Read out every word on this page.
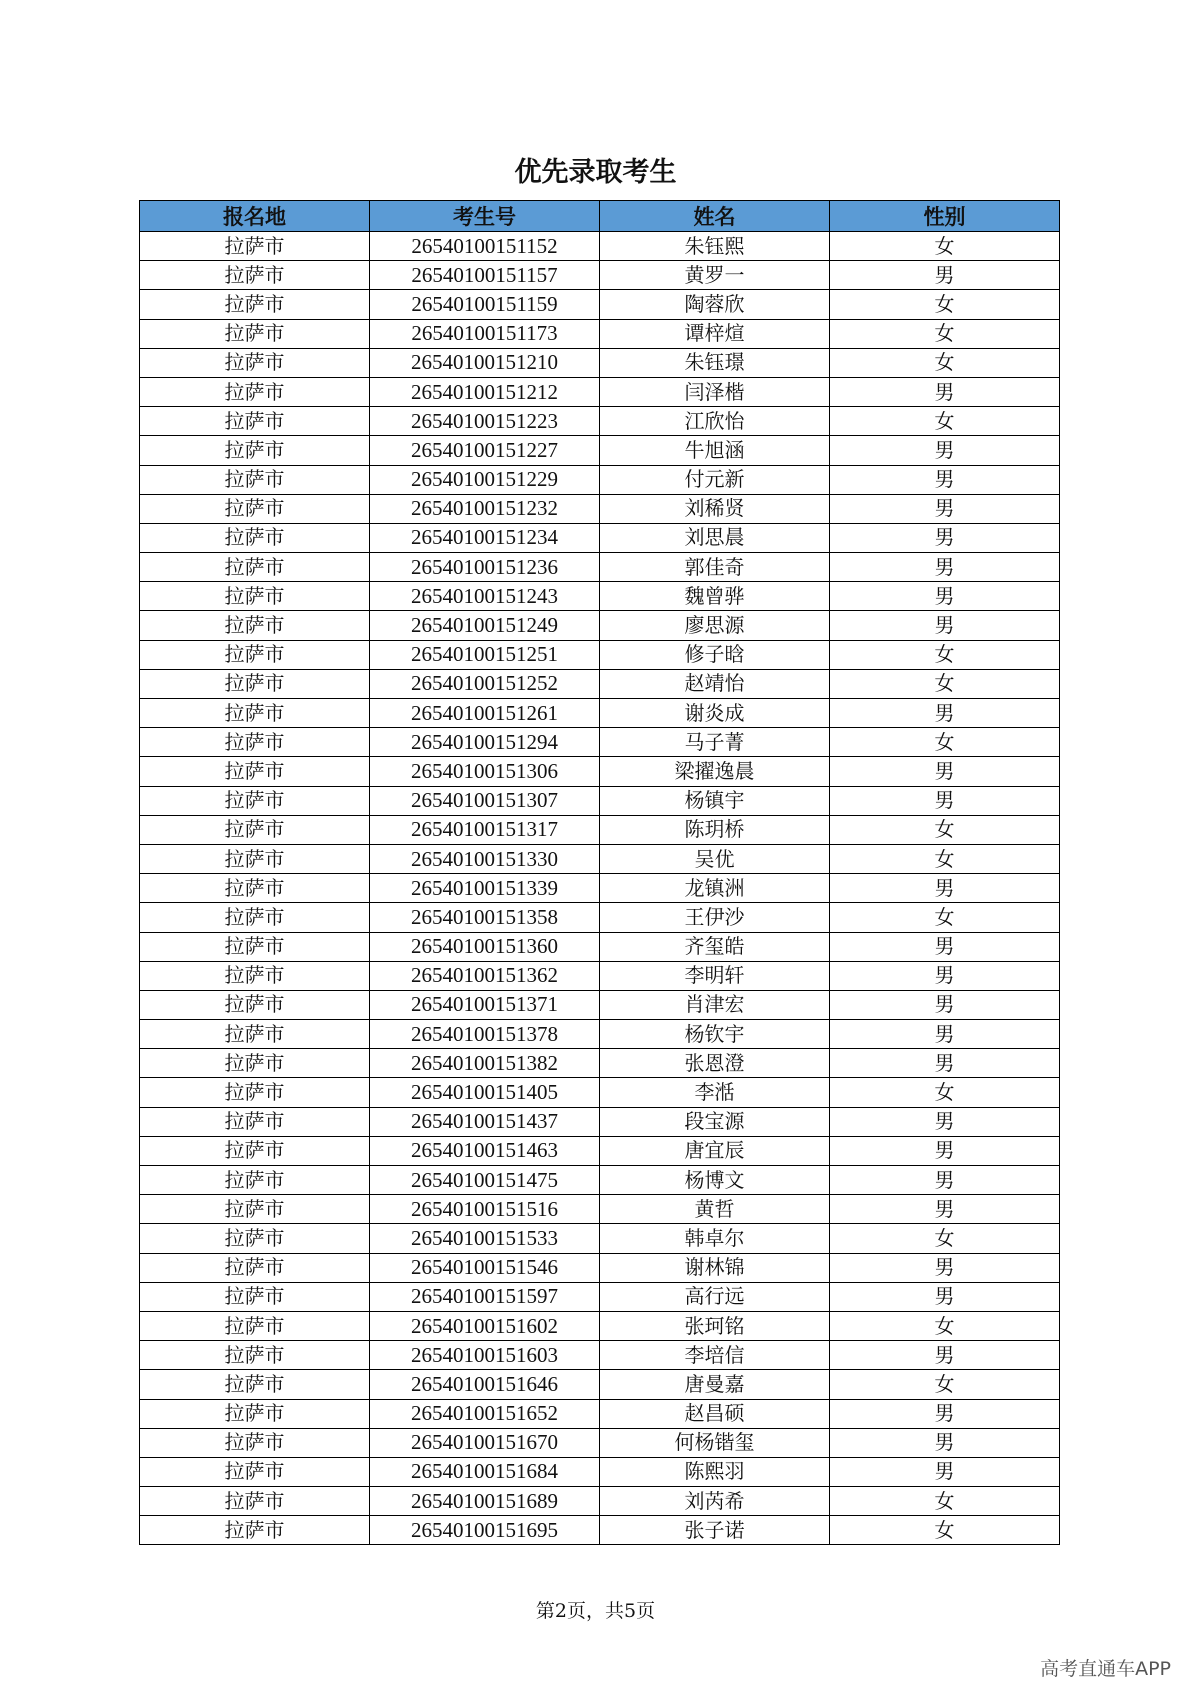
优先录取考生
报名地	考生号	姓名	性别
拉萨市	26540100151152	朱钰熙	女
拉萨市	26540100151157	黄罗一	男
拉萨市	26540100151159	陶蓉欣	女
拉萨市	26540100151173	谭梓煊	女
拉萨市	26540100151210	朱钰璟	女
拉萨市	26540100151212	闫泽楷	男
拉萨市	26540100151223	江欣怡	女
拉萨市	26540100151227	牛旭涵	男
拉萨市	26540100151229	付元新	男
拉萨市	26540100151232	刘稀贤	男
拉萨市	26540100151234	刘思晨	男
拉萨市	26540100151236	郭佳奇	男
拉萨市	26540100151243	魏曾骅	男
拉萨市	26540100151249	廖思源	男
拉萨市	26540100151251	修子晗	女
拉萨市	26540100151252	赵靖怡	女
拉萨市	26540100151261	谢炎成	男
拉萨市	26540100151294	马子菁	女
拉萨市	26540100151306	梁擢逸晨	男
拉萨市	26540100151307	杨镇宇	男
拉萨市	26540100151317	陈玥桥	女
拉萨市	26540100151330	吴优	女
拉萨市	26540100151339	龙镇洲	男
拉萨市	26540100151358	王伊沙	女
拉萨市	26540100151360	齐玺皓	男
拉萨市	26540100151362	李明轩	男
拉萨市	26540100151371	肖津宏	男
拉萨市	26540100151378	杨钦宇	男
拉萨市	26540100151382	张恩澄	男
拉萨市	26540100151405	李湉	女
拉萨市	26540100151437	段宝源	男
拉萨市	26540100151463	唐宜辰	男
拉萨市	26540100151475	杨博文	男
拉萨市	26540100151516	黄哲	男
拉萨市	26540100151533	韩卓尔	女
拉萨市	26540100151546	谢林锦	男
拉萨市	26540100151597	高行远	男
拉萨市	26540100151602	张珂铭	女
拉萨市	26540100151603	李培信	男
拉萨市	26540100151646	唐曼嘉	女
拉萨市	26540100151652	赵昌硕	男
拉萨市	26540100151670	何杨锴玺	男
拉萨市	26540100151684	陈熙羽	男
拉萨市	26540100151689	刘芮希	女
拉萨市	26540100151695	张子诺	女
第2页，共5页
高考直通车APP
